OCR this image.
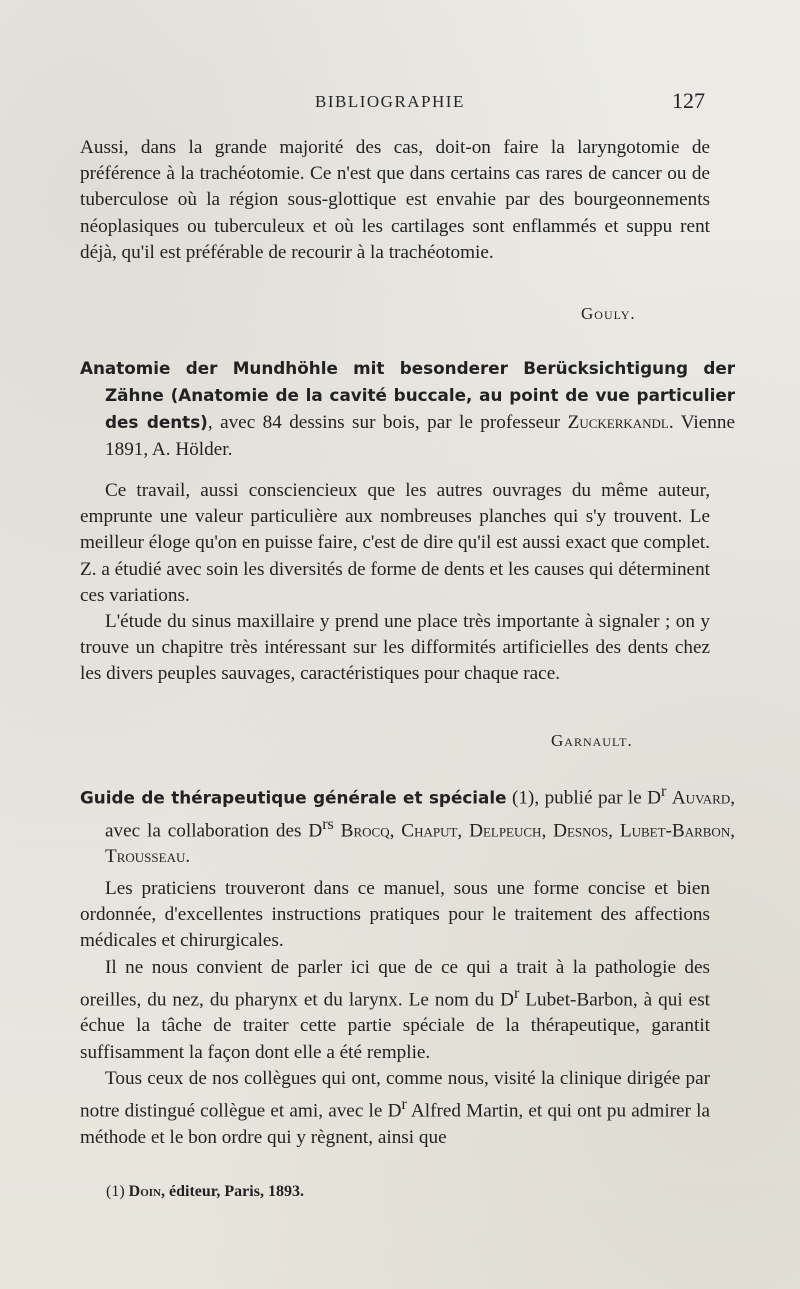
BIBLIOGRAPHIE	127

Aussi, dans la grande majorité des cas, doit-on faire la laryngotomie de préférence à la trachéotomie. Ce n'est que dans certains cas rares de cancer ou de tuberculose où la région sous-glottique est envahie par des bourgeonnements néoplasiques ou tuberculeux et où les cartilages sont enflammés et suppu rent déjà, qu'il est préférable de recourir à la trachéotomie.

Gouly.
Anatomie der Mundhöhle mit besonderer Berücksichtigung der Zähne (Anatomie de la cavité buccale, au point de vue particulier des dents), avec 84 dessins sur bois, par le professeur Zuckerkandl. Vienne 1891, A. Hölder.

Ce travail, aussi consciencieux que les autres ouvrages du même auteur, emprunte une valeur particulière aux nombreuses planches qui s'y trouvent. Le meilleur éloge qu'on en puisse faire, c'est de dire qu'il est aussi exact que complet. Z. a étudié avec soin les diversités de forme de dents et les causes qui déterminent ces variations.

L'étude du sinus maxillaire y prend une place très importante à signaler ; on y trouve un chapitre très intéressant sur les difformités artificielles des dents chez les divers peuples sauvages, caractéristiques pour chaque race.

Garnault.
Guide de thérapeutique générale et spéciale (1), publié par le $D^r$ Auvard, avec la collaboration des $D^{rs}$ Brocq, Chaput, Delpeuch, Desnos, Lubet-Barbon, Trousseau.

Les praticiens trouveront dans ce manuel, sous une forme concise et bien ordonnée, d'excellentes instructions pratiques pour le traitement des affections médicales et chirurgicales.

Il ne nous convient de parler ici que de ce qui a trait à la pathologie des oreilles, du nez, du pharynx et du larynx. Le nom du $D^r$ Lubet-Barbon, à qui est échue la tâche de traiter cette partie spéciale de la thérapeutique, garantit suffisamment la façon dont elle a été remplie.

Tous ceux de nos collègues qui ont, comme nous, visité la clinique dirigée par notre distingué collègue et ami, avec le $D^r$ Alfred Martin, et qui ont pu admirer la méthode et le bon ordre qui y règnent, ainsi que

(1) Doin, éditeur, Paris, 1893.
